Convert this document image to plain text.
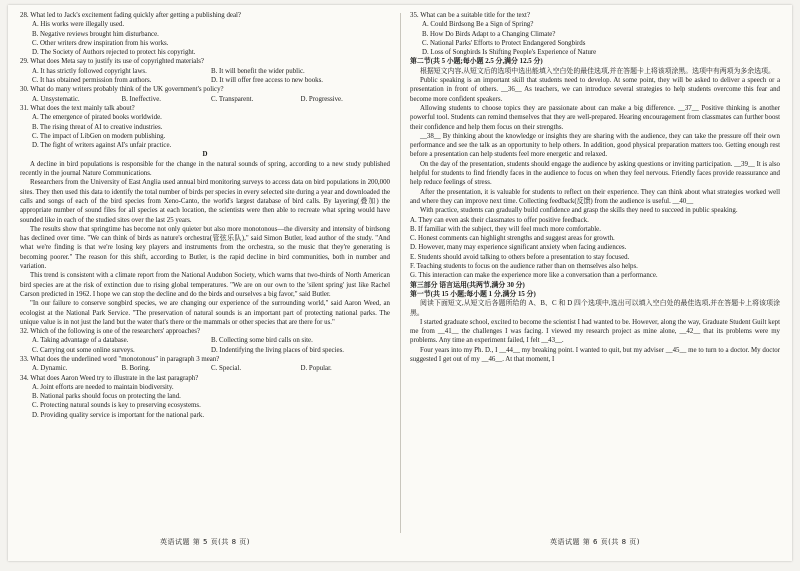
28. What led to Jack's excitement fading quickly after getting a publishing deal?
A. His works were illegally used.
B. Negative reviews brought him disturbance.
C. Other writers drew inspiration from his works.
D. The Society of Authors rejected to protect his copyright.
29. What does Meta say to justify its use of copyrighted materials?
A. It has strictly followed copyright laws.	B. It will benefit the wider public.
C. It has obtained permission from authors.	D. It will offer free access to new books.
30. What do many writers probably think of the UK government's policy?
A. Unsystematic.	B. Ineffective.	C. Transparent.	D. Progressive.
31. What does the text mainly talk about?
A. The emergence of pirated books worldwide.
B. The rising threat of AI to creative industries.
C. The impact of LibGen on modern publishing.
D. The fight of writers against AI's unfair practice.
D
A decline in bird populations is responsible for the change in the natural sounds of spring, according to a new study published recently in the journal Nature Communications.
Researchers from the University of East Anglia used annual bird monitoring surveys to access data on bird populations in 200,000 sites. They then used this data to identify the total number of birds per species in every selected site during a year and downloaded the calls and songs of each of the bird species from Xeno-Canto, the world's largest database of bird calls. By layering(叠加) the appropriate number of sound files for all species at each location, the scientists were then able to recreate what spring would have sounded like in each of the studied sites over the last 25 years.
The results show that springtime has become not only quieter but also more monotonous—the diversity and intensity of birdsong has declined over time. "We can think of birds as nature's orchestra(管弦乐队)," said Simon Butler, lead author of the study. "And what we're finding is that we're losing key players and instruments from the orchestra, so the music that they're generating is becoming poorer." The reason for this shift, according to Butler, is the rapid decline in bird communities, both in number and variation.
This trend is consistent with a climate report from the National Audubon Society, which warns that two-thirds of North American bird species are at the risk of extinction due to rising global temperatures. "We are on our own to the 'silent spring' just like Rachel Carson predicted in 1962. I hope we can stop the decline and do the birds and ourselves a big favor," said Butler.
"In our failure to conserve songbird species, we are changing our experience of the surrounding world," said Aaron Weed, an ecologist at the National Park Service. "The preservation of natural sounds is an important part of protecting national parks. The unique value is in not just the land but the water that's there or the mammals or other species that are there for us."
32. Which of the following is one of the researchers' approaches?
A. Taking advantage of a database.	B. Collecting some bird calls on site.
C. Carrying out some online surveys.	D. Indentifying the living places of bird species.
33. What does the underlined word "monotonous" in paragraph 3 mean?
A. Dynamic.	B. Boring.	C. Special.	D. Popular.
34. What does Aaron Weed try to illustrate in the last paragraph?
A. Joint efforts are needed to maintain biodiversity.
B. National parks should focus on protecting the land.
C. Protecting natural sounds is key to preserving ecosystems.
D. Providing quality service is important for the national park.
35. What can be a suitable title for the text?
A. Could Birdsong Be a Sign of Spring?
B. How Do Birds Adapt to a Changing Climate?
C. National Parks' Efforts to Protect Endangered Songbirds
D. Loss of Songbirds Is Shifting People's Experience of Nature
第二节(共 5 小题;每小题 2.5 分,满分 12.5 分)
根据短文内容,从短文后的选项中选出能填入空白处的最佳选项,并在答题卡上将该项涂黑。选项中有两项为多余选项。
Public speaking is an important skill that students need to develop. At some point, they will be asked to deliver a speech or a presentation in front of others. __36__ As teachers, we can introduce several strategies to help students overcome this fear and become more confident speakers.
Allowing students to choose topics they are passionate about can make a big difference. __37__ Positive thinking is another powerful tool. Students can remind themselves that they are well-prepared. Hearing encouragement from classmates can further boost their confidence and help them focus on their strengths.
__38__ By thinking about the knowledge or insights they are sharing with the audience, they can take the pressure off their own performance and see the talk as an opportunity to help others. In addition, good physical preparation matters too. Getting enough rest before a presentation can help students feel more energetic and relaxed.
On the day of the presentation, students should engage the audience by asking questions or inviting participation. __39__ It is also helpful for students to find friendly faces in the audience to focus on when they feel nervous. Friendly faces provide reassurance and help reduce feelings of stress.
After the presentation, it is valuable for students to reflect on their experience. They can think about what strategies worked well and where they can improve next time. Collecting feedback(反馈) from the audience is useful. __40__
With practice, students can gradually build confidence and grasp the skills they need to succeed in public speaking.
A. They can even ask their classmates to offer positive feedback.
B. If familiar with the subject, they will feel much more comfortable.
C. Honest comments can highlight strengths and suggest areas for growth.
D. However, many may experience significant anxiety when facing audiences.
E. Students should avoid talking to others before a presentation to stay focused.
F. Teaching students to focus on the audience rather than on themselves also helps.
G. This interaction can make the experience more like a conversation than a performance.
第三部分 语言运用(共两节,满分 30 分)
第一节(共 15 小题;每小题 1 分,满分 15 分)
阅读下面短文,从短文后各题所给的 A、B、C 和 D 四个选项中,选出可以填入空白处的最佳选项,并在答题卡上将该项涂黑。
I started graduate school, excited to become the scientist I had wanted to be. However, along the way, Graduate Student Guilt kept me from __41__ the challenges I was facing. I viewed my research project as mine alone, __42__ that its problems were my problems. Any time an experiment failed, I felt __43__.
Four years into my Ph. D., I __44__ my breaking point. I wanted to quit, but my adviser __45__ me to turn to a doctor. My doctor suggested I get out of my __46__. At that moment, I
英语试题 第 5 页(共 8 页)	英语试题 第 6 页(共 8 页)
